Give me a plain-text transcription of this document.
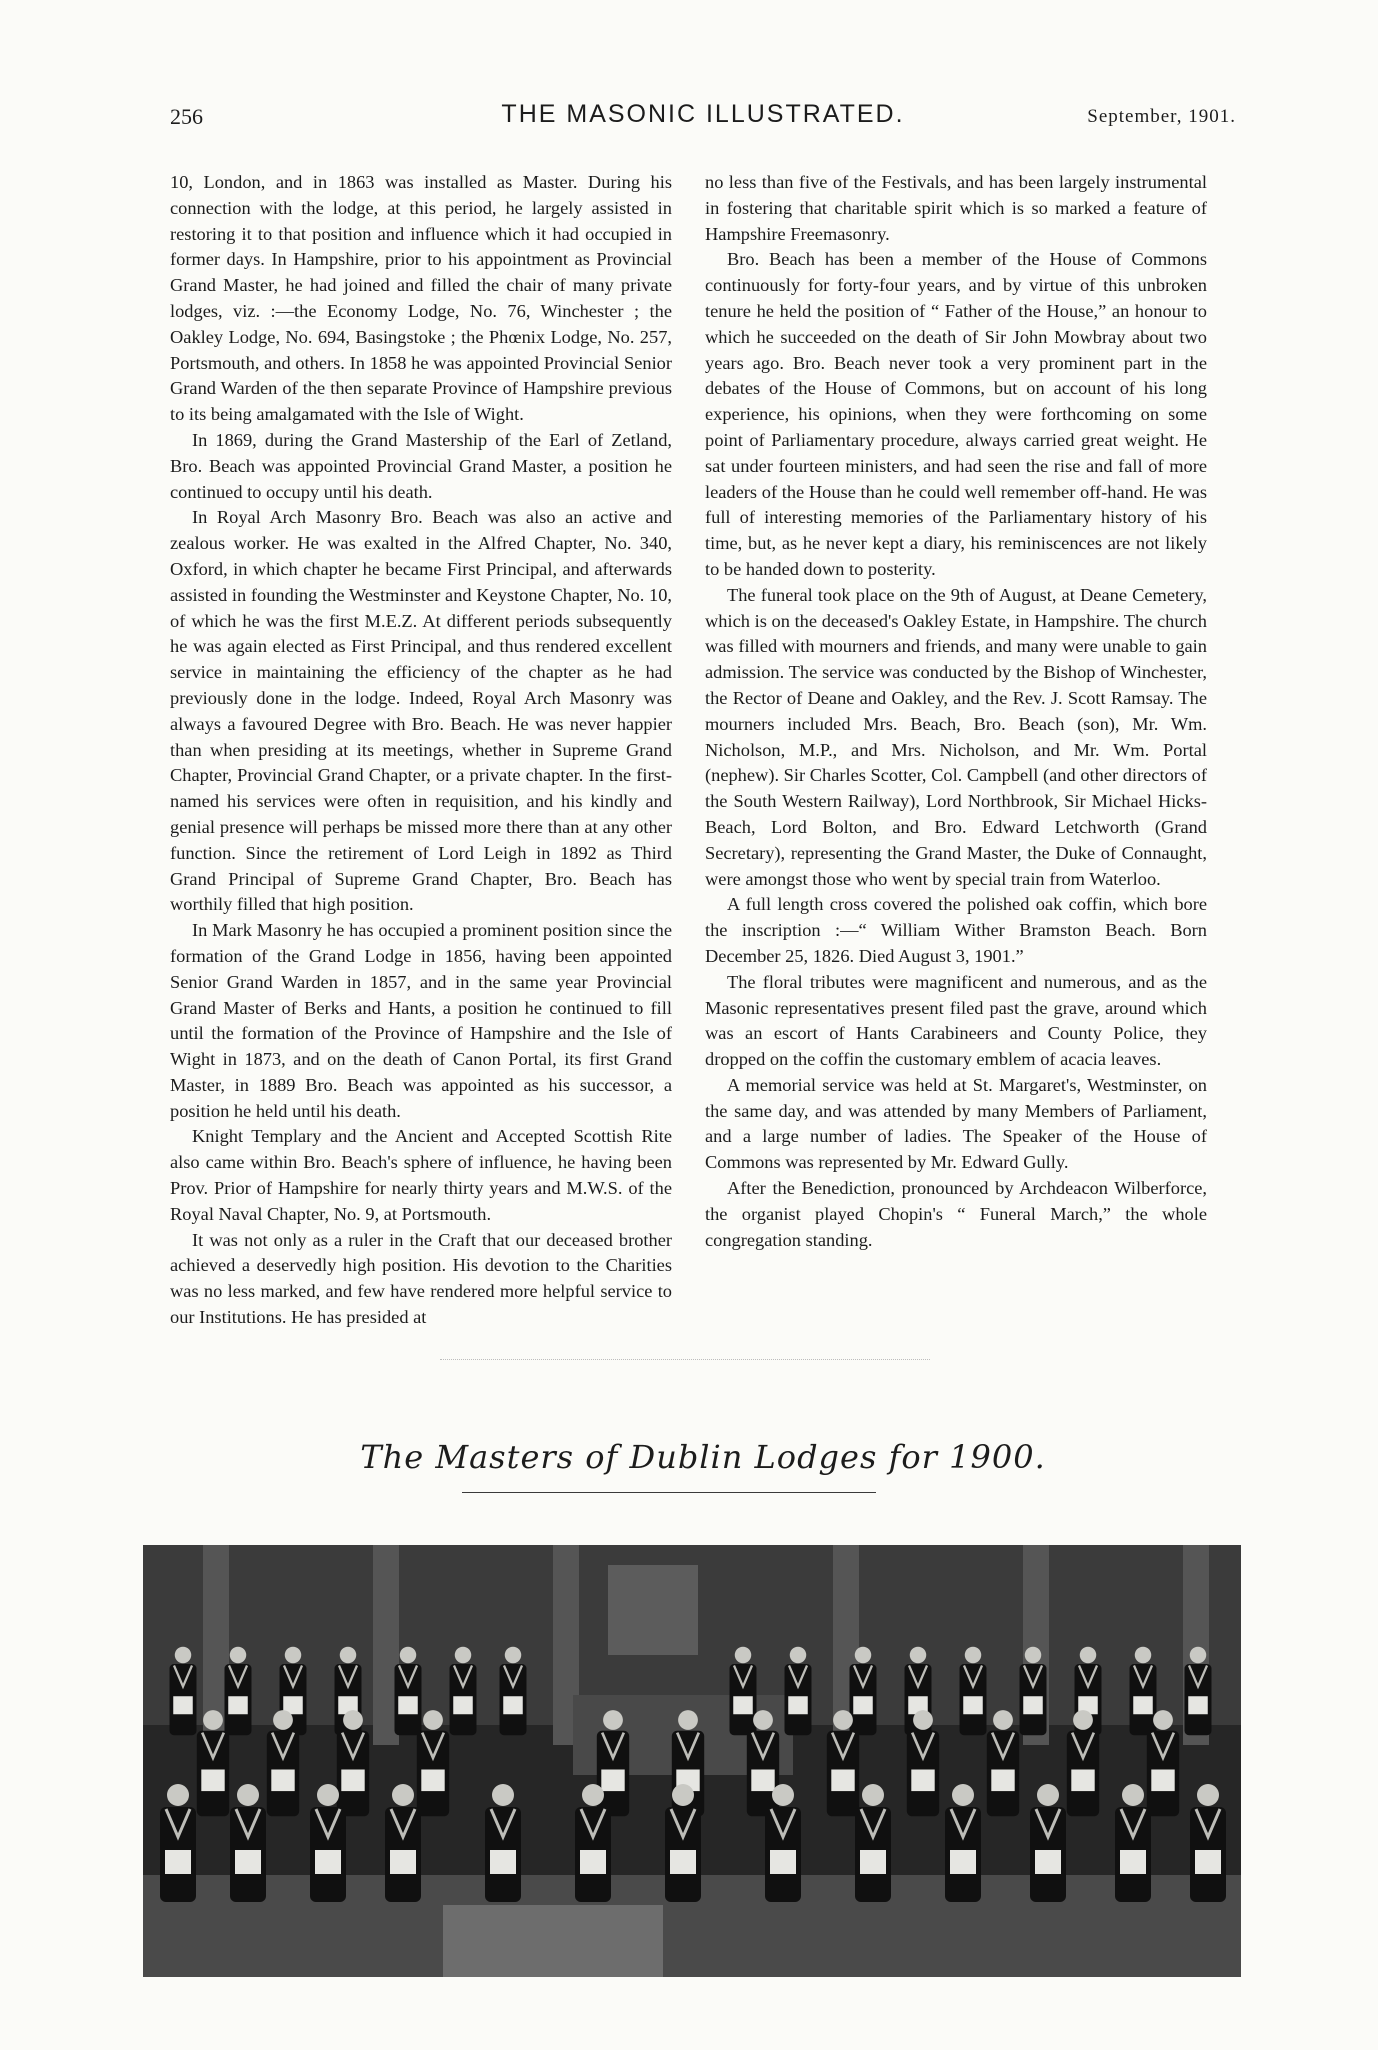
256	THE MASONIC ILLUSTRATED.	September, 1901.

10, London, and in 1863 was installed as Master. During his connection with the lodge, at this period, he largely assisted in restoring it to that position and influence which it had occupied in former days. In Hampshire, prior to his appointment as Provincial Grand Master, he had joined and filled the chair of many private lodges, viz. :—the Economy Lodge, No. 76, Winchester ; the Oakley Lodge, No. 694, Basingstoke ; the Phœnix Lodge, No. 257, Portsmouth, and others. In 1858 he was appointed Provincial Senior Grand Warden of the then separate Province of Hampshire previous to its being amalgamated with the Isle of Wight.

In 1869, during the Grand Mastership of the Earl of Zetland, Bro. Beach was appointed Provincial Grand Master, a position he continued to occupy until his death.

In Royal Arch Masonry Bro. Beach was also an active and zealous worker. He was exalted in the Alfred Chapter, No. 340, Oxford, in which chapter he became First Principal, and afterwards assisted in founding the Westminster and Keystone Chapter, No. 10, of which he was the first M.E.Z. At different periods subsequently he was again elected as First Principal, and thus rendered excellent service in maintaining the efficiency of the chapter as he had previously done in the lodge. Indeed, Royal Arch Masonry was always a favoured Degree with Bro. Beach. He was never happier than when presiding at its meetings, whether in Supreme Grand Chapter, Provincial Grand Chapter, or a private chapter. In the first-named his services were often in requisition, and his kindly and genial presence will perhaps be missed more there than at any other function. Since the retirement of Lord Leigh in 1892 as Third Grand Principal of Supreme Grand Chapter, Bro. Beach has worthily filled that high position.

In Mark Masonry he has occupied a prominent position since the formation of the Grand Lodge in 1856, having been appointed Senior Grand Warden in 1857, and in the same year Provincial Grand Master of Berks and Hants, a position he continued to fill until the formation of the Province of Hampshire and the Isle of Wight in 1873, and on the death of Canon Portal, its first Grand Master, in 1889 Bro. Beach was appointed as his successor, a position he held until his death.

Knight Templary and the Ancient and Accepted Scottish Rite also came within Bro. Beach's sphere of influence, he having been Prov. Prior of Hampshire for nearly thirty years and M.W.S. of the Royal Naval Chapter, No. 9, at Portsmouth.

It was not only as a ruler in the Craft that our deceased brother achieved a deservedly high position. His devotion to the Charities was no less marked, and few have rendered more helpful service to our Institutions. He has presided at

no less than five of the Festivals, and has been largely instrumental in fostering that charitable spirit which is so marked a feature of Hampshire Freemasonry.

Bro. Beach has been a member of the House of Commons continuously for forty-four years, and by virtue of this unbroken tenure he held the position of “ Father of the House,” an honour to which he succeeded on the death of Sir John Mowbray about two years ago. Bro. Beach never took a very prominent part in the debates of the House of Commons, but on account of his long experience, his opinions, when they were forthcoming on some point of Parliamentary procedure, always carried great weight. He sat under fourteen ministers, and had seen the rise and fall of more leaders of the House than he could well remember off-hand. He was full of interesting memories of the Parliamentary history of his time, but, as he never kept a diary, his reminiscences are not likely to be handed down to posterity.

The funeral took place on the 9th of August, at Deane Cemetery, which is on the deceased's Oakley Estate, in Hampshire. The church was filled with mourners and friends, and many were unable to gain admission. The service was conducted by the Bishop of Winchester, the Rector of Deane and Oakley, and the Rev. J. Scott Ramsay. The mourners included Mrs. Beach, Bro. Beach (son), Mr. Wm. Nicholson, M.P., and Mrs. Nicholson, and Mr. Wm. Portal (nephew). Sir Charles Scotter, Col. Campbell (and other directors of the South Western Railway), Lord Northbrook, Sir Michael Hicks-Beach, Lord Bolton, and Bro. Edward Letchworth (Grand Secretary), representing the Grand Master, the Duke of Connaught, were amongst those who went by special train from Waterloo.

A full length cross covered the polished oak coffin, which bore the inscription :—“ William Wither Bramston Beach. Born December 25, 1826. Died August 3, 1901.”

The floral tributes were magnificent and numerous, and as the Masonic representatives present filed past the grave, around which was an escort of Hants Carabineers and County Police, they dropped on the coffin the customary emblem of acacia leaves.

A memorial service was held at St. Margaret's, Westminster, on the same day, and was attended by many Members of Parliament, and a large number of ladies. The Speaker of the House of Commons was represented by Mr. Edward Gully.

After the Benediction, pronounced by Archdeacon Wilberforce, the organist played Chopin's “ Funeral March,” the whole congregation standing.

The Masters of Dublin Lodges for 1900.
